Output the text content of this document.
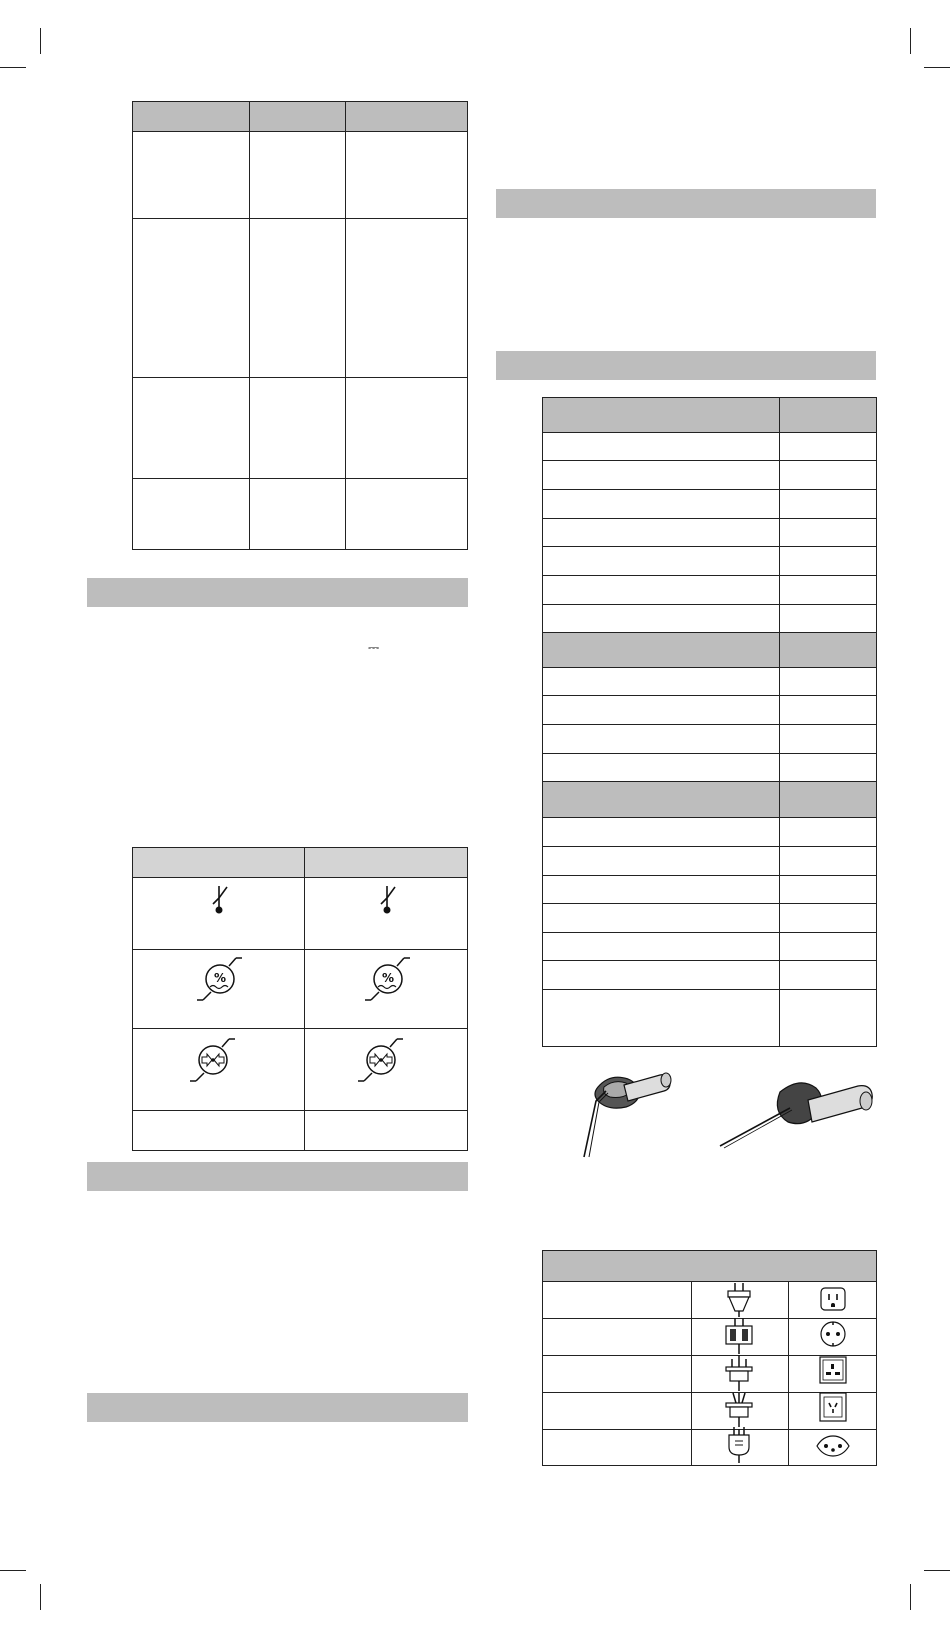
⎓
%	%
